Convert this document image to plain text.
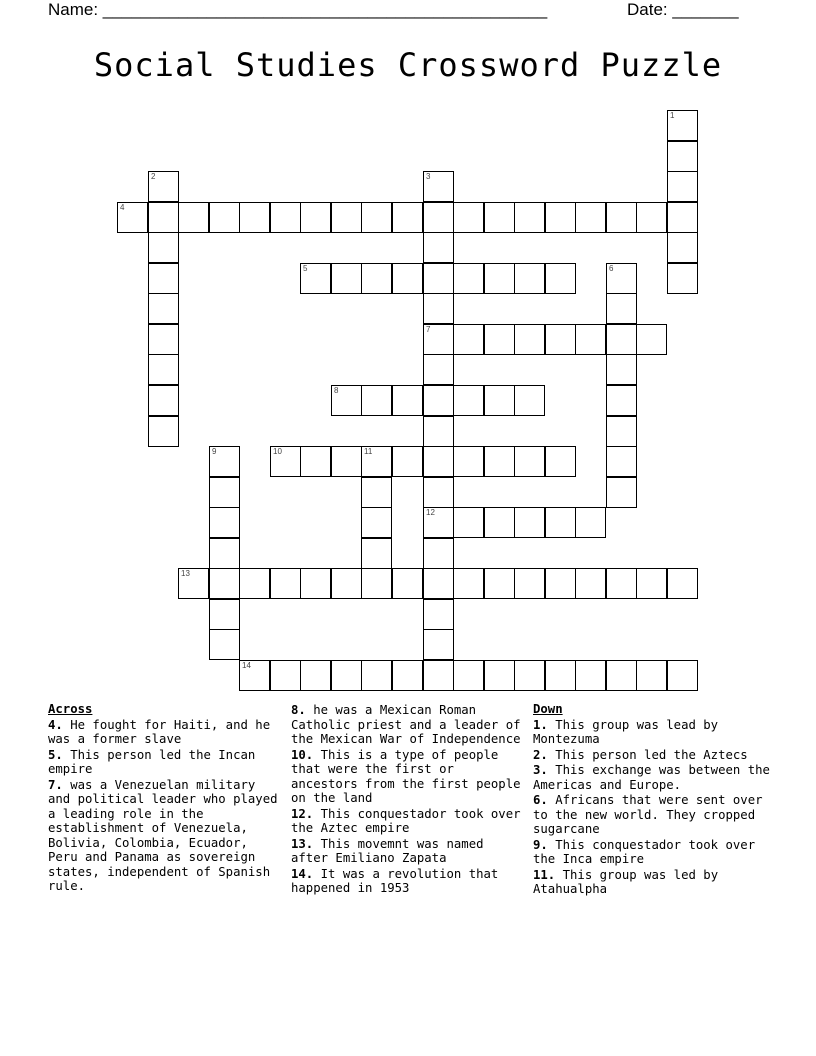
Name: _______________________________________________	Date: _______
Social Studies Crossword Puzzle
1
2	3
7
12
4
5	6
8
9	10	11
13
14
Across
4. He fought for Haiti, and he was a former slave
5. This person led the Incan empire
7. was a Venezuelan military and political leader who played a leading role in the establishment of Venezuela, Bolivia, Colombia, Ecuador, Peru and Panama as sovereign states, independent of Spanish rule.
8. he was a Mexican Roman Catholic priest and a leader of the Mexican War of Independence
10. This is a type of people that were the first or ancestors from the first people on the land
12. This conquestador took over the Aztec empire
13. This movemnt was named after Emiliano Zapata
14. It was a revolution that happened in 1953
Down
1. This group was lead by Montezuma
2. This person led the Aztecs
3. This exchange was between the Americas and Europe.
6. Africans that were sent over to the new world. They cropped sugarcane
9. This conquestador took over the Inca empire
11. This group was led by Atahualpha
